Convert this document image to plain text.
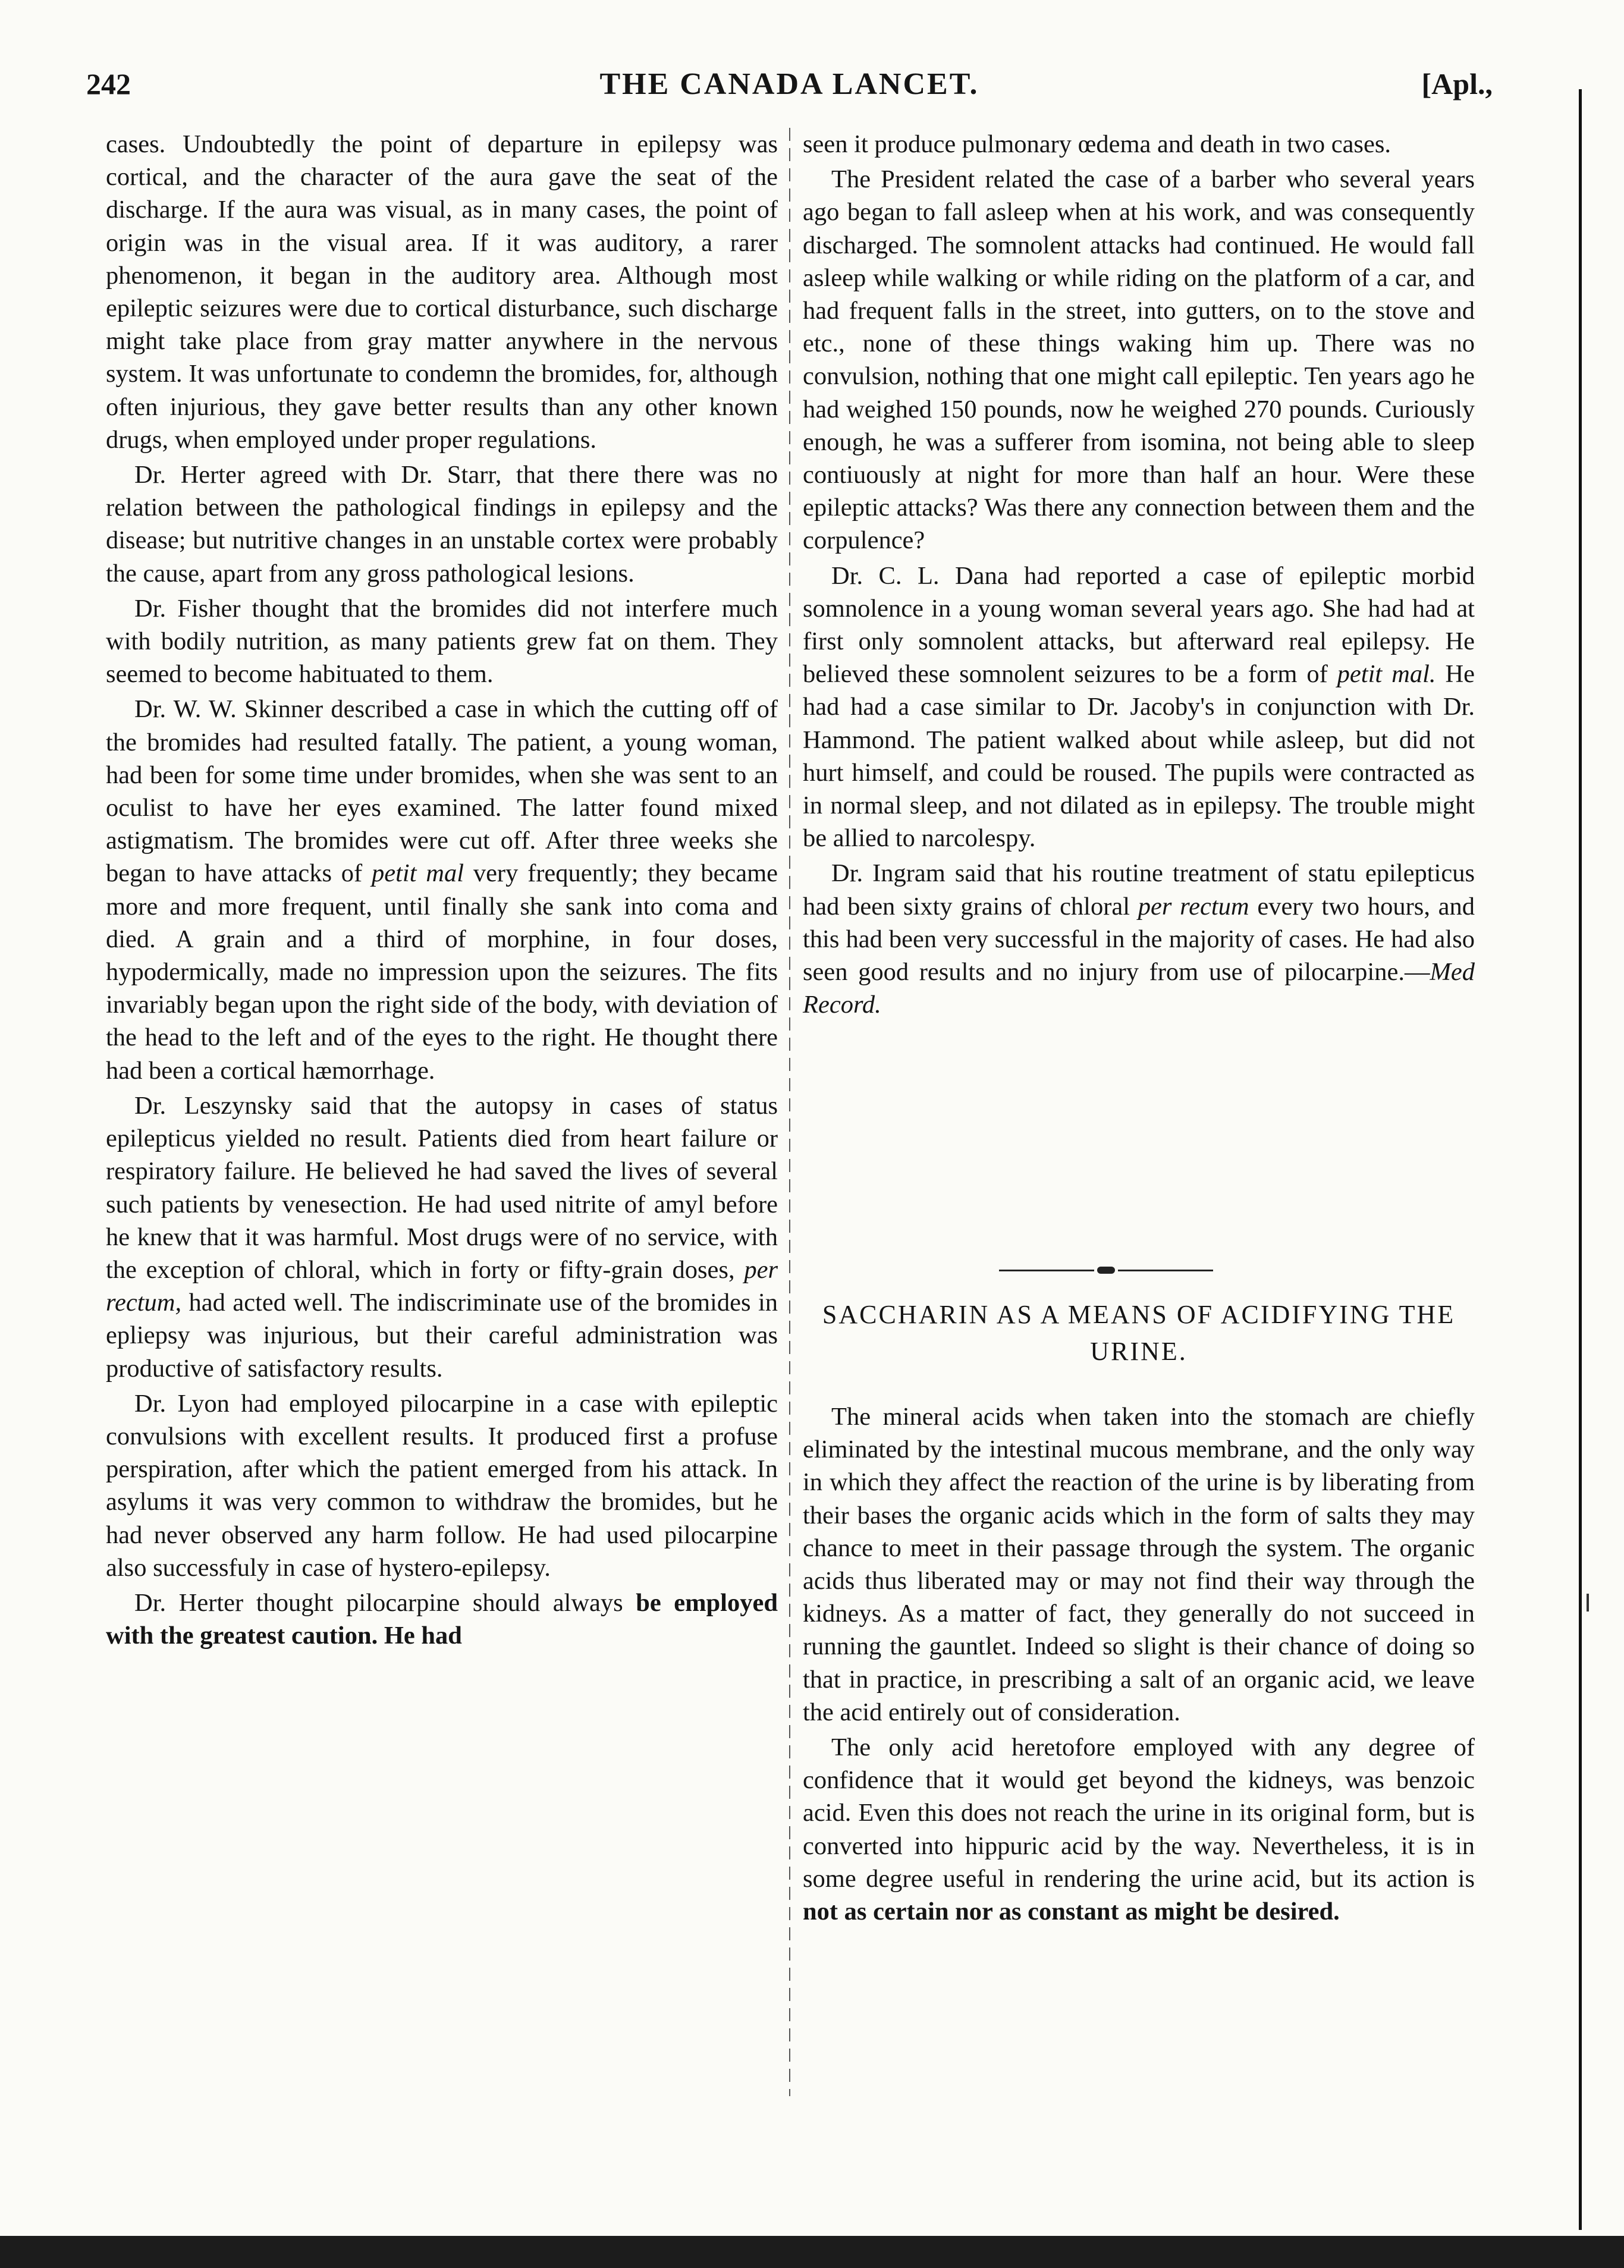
242	THE CANADA LANCET.	[Apl.,

cases. Undoubtedly the point of departure in epilepsy was cortical, and the character of the aura gave the seat of the discharge. If the aura was visual, as in many cases, the point of origin was in the visual area. If it was auditory, a rarer phenomenon, it began in the auditory area. Although most epileptic seizures were due to cortical disturbance, such discharge might take place from gray matter anywhere in the nervous system. It was unfortunate to condemn the bromides, for, although often injurious, they gave better results than any other known drugs, when employed under proper regulations.

Dr. Herter agreed with Dr. Starr, that there there was no relation between the pathological findings in epilepsy and the disease; but nutritive changes in an unstable cortex were probably the cause, apart from any gross pathological lesions.

Dr. Fisher thought that the bromides did not interfere much with bodily nutrition, as many patients grew fat on them. They seemed to become habituated to them.

Dr. W. W. Skinner described a case in which the cutting off of the bromides had resulted fatally. The patient, a young woman, had been for some time under bromides, when she was sent to an oculist to have her eyes examined. The latter found mixed astigmatism. The bromides were cut off. After three weeks she began to have attacks of petit mal very frequently; they became more and more frequent, until finally she sank into coma and died. A grain and a third of morphine, in four doses, hypodermically, made no impression upon the seizures. The fits invariably began upon the right side of the body, with deviation of the head to the left and of the eyes to the right. He thought there had been a cortical hæmorrhage.

Dr. Leszynsky said that the autopsy in cases of status epilepticus yielded no result. Patients died from heart failure or respiratory failure. He believed he had saved the lives of several such patients by venesection. He had used nitrite of amyl before he knew that it was harmful. Most drugs were of no service, with the exception of chloral, which in forty or fifty-grain doses, per rectum, had acted well. The indiscriminate use of the bromides in epliepsy was injurious, but their careful administration was productive of satisfactory results.

Dr. Lyon had employed pilocarpine in a case with epileptic convulsions with excellent results. It produced first a profuse perspiration, after which the patient emerged from his attack. In asylums it was very common to withdraw the bromides, but he had never observed any harm follow. He had used pilocarpine also successfuly in case of hystero-epilepsy.

Dr. Herter thought pilocarpine should always be employed with the greatest caution. He had

seen it produce pulmonary œdema and death in two cases.

The President related the case of a barber who several years ago began to fall asleep when at his work, and was consequently discharged. The somnolent attacks had continued. He would fall asleep while walking or while riding on the platform of a car, and had frequent falls in the street, into gutters, on to the stove and etc., none of these things waking him up. There was no convulsion, nothing that one might call epileptic. Ten years ago he had weighed 150 pounds, now he weighed 270 pounds. Curiously enough, he was a sufferer from isomina, not being able to sleep contiuously at night for more than half an hour. Were these epileptic attacks? Was there any connection between them and the corpulence?

Dr. C. L. Dana had reported a case of epileptic morbid somnolence in a young woman several years ago. She had had at first only somnolent attacks, but afterward real epilepsy. He believed these somnolent seizures to be a form of petit mal. He had had a case similar to Dr. Jacoby's in conjunction with Dr. Hammond. The patient walked about while asleep, but did not hurt himself, and could be roused. The pupils were contracted as in normal sleep, and not dilated as in epilepsy. The trouble might be allied to narcolespy.

Dr. Ingram said that his routine treatment of statu epilepticus had been sixty grains of chloral per rectum every two hours, and this had been very successful in the majority of cases. He had also seen good results and no injury from use of pilocarpine.—Med Record.

SACCHARIN AS A MEANS OF ACIDIFYING THE URINE.

The mineral acids when taken into the stomach are chiefly eliminated by the intestinal mucous membrane, and the only way in which they affect the reaction of the urine is by liberating from their bases the organic acids which in the form of salts they may chance to meet in their passage through the system. The organic acids thus liberated may or may not find their way through the kidneys. As a matter of fact, they generally do not succeed in running the gauntlet. Indeed so slight is their chance of doing so that in practice, in prescribing a salt of an organic acid, we leave the acid entirely out of consideration.

The only acid heretofore employed with any degree of confidence that it would get beyond the kidneys, was benzoic acid. Even this does not reach the urine in its original form, but is converted into hippuric acid by the way. Nevertheless, it is in some degree useful in rendering the urine acid, but its action is not as certain nor as constant as might be desired.
